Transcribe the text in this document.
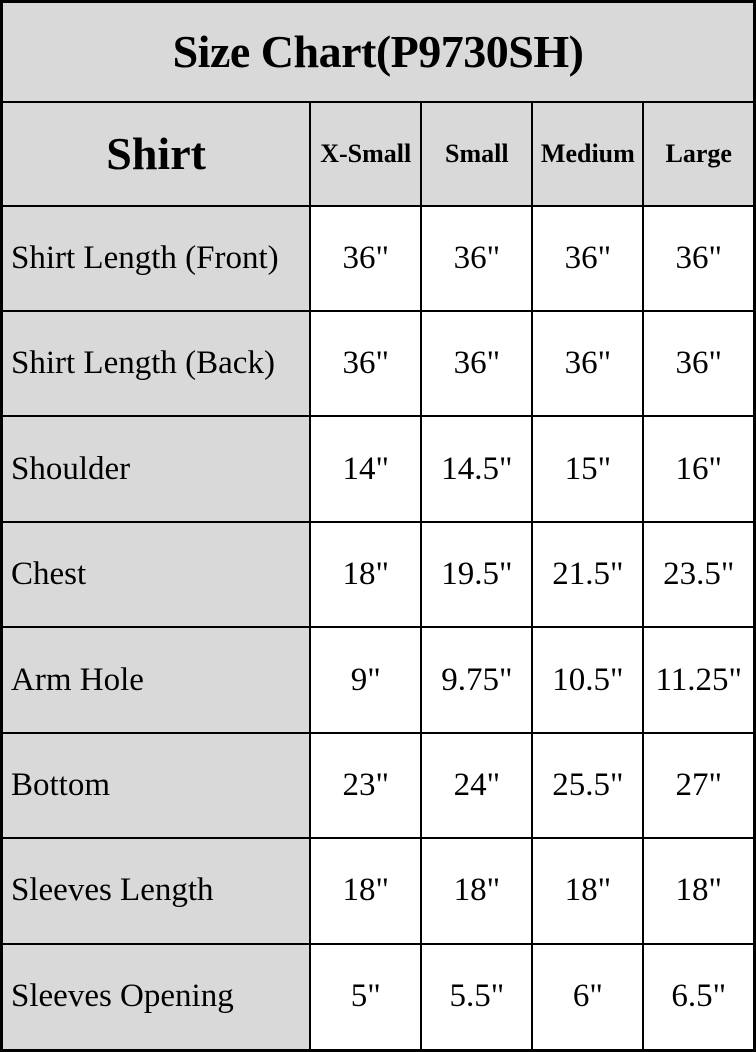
Size Chart(P9730SH)				
Shirt	X-Small	Small	Medium	Large
Shirt Length (Front)	36"	36"	36"	36"
Shirt Length (Back)	36"	36"	36"	36"
Shoulder	14"	14.5"	15"	16"
Chest	18"	19.5"	21.5"	23.5"
Arm Hole	9"	9.75"	10.5"	11.25"
Bottom	23"	24"	25.5"	27"
Sleeves Length	18"	18"	18"	18"
Sleeves Opening	5"	5.5"	6"	6.5"
